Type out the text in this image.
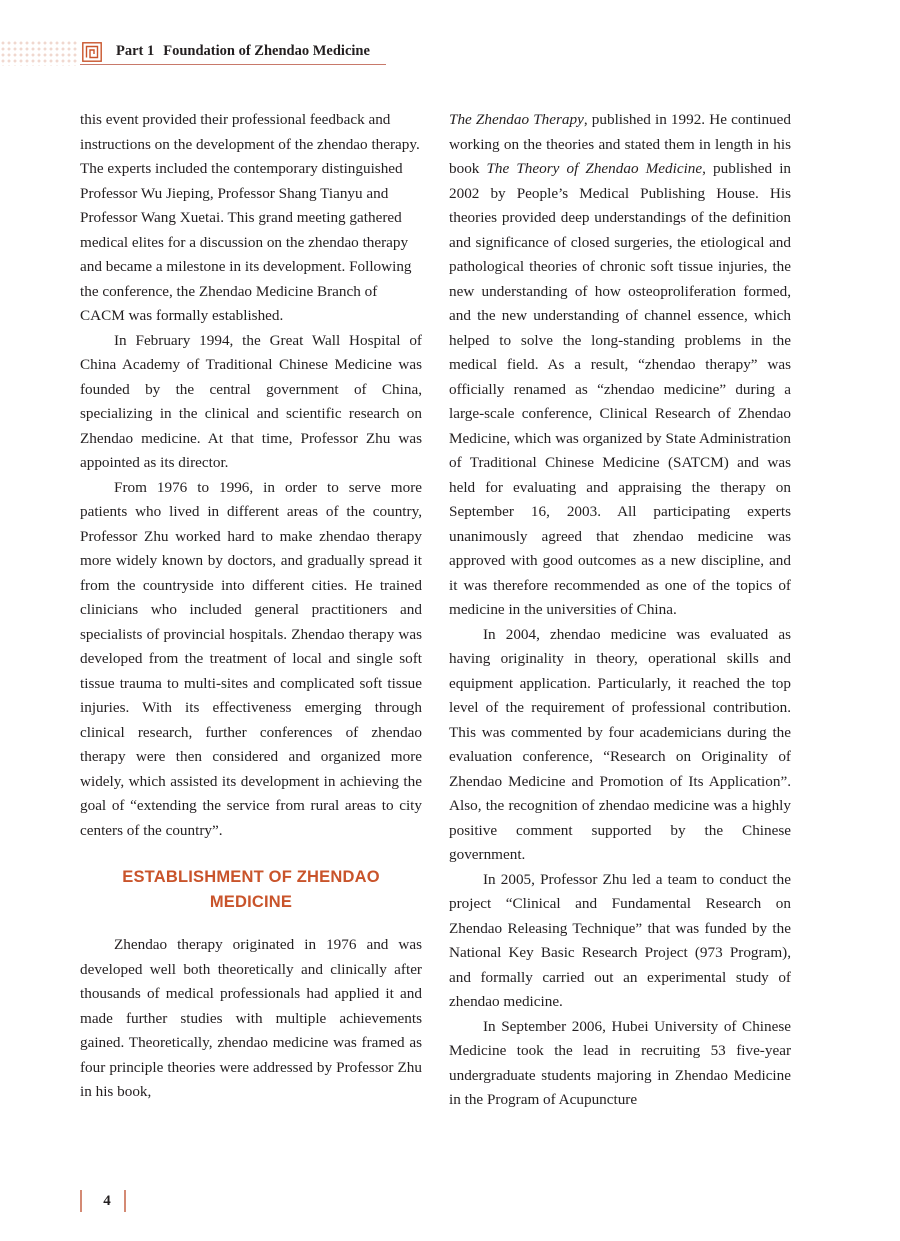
Part 1 Foundation of Zhendao Medicine

this event provided their professional feedback and instructions on the development of the zhendao therapy. The experts included the contemporary distinguished Professor Wu Jieping, Professor Shang Tianyu and Professor Wang Xuetai. This grand meeting gathered medical elites for a discussion on the zhendao therapy and became a milestone in its development. Following the conference, the Zhendao Medicine Branch of CACM was formally established.

In February 1994, the Great Wall Hospital of China Academy of Traditional Chinese Medicine was founded by the central government of China, specializing in the clinical and scientific research on Zhendao medicine. At that time, Professor Zhu was appointed as its director.

From 1976 to 1996, in order to serve more patients who lived in different areas of the country, Professor Zhu worked hard to make zhendao therapy more widely known by doctors, and gradually spread it from the countryside into different cities. He trained clinicians who included general practitioners and specialists of provincial hospitals. Zhendao therapy was developed from the treatment of local and single soft tissue trauma to multi-sites and complicated soft tissue injuries. With its effectiveness emerging through clinical research, further conferences of zhendao therapy were then considered and organized more widely, which assisted its development in achieving the goal of “extending the service from rural areas to city centers of the country”.

ESTABLISHMENT OF ZHENDAO
MEDICINE

Zhendao therapy originated in 1976 and was developed well both theoretically and clinically after thousands of medical professionals had applied it and made further studies with multiple achievements gained. Theoretically, zhendao medicine was framed as four principle theories were addressed by Professor Zhu in his book,

The Zhendao Therapy, published in 1992. He continued working on the theories and stated them in length in his book The Theory of Zhendao Medicine, published in 2002 by People’s Medical Publishing House. His theories provided deep understandings of the definition and significance of closed surgeries, the etiological and pathological theories of chronic soft tissue injuries, the new understanding of how osteoproliferation formed, and the new understanding of channel essence, which helped to solve the long-standing problems in the medical field. As a result, “zhendao therapy” was officially renamed as “zhendao medicine” during a large-scale conference, Clinical Research of Zhendao Medicine, which was organized by State Administration of Traditional Chinese Medicine (SATCM) and was held for evaluating and appraising the therapy on September 16, 2003. All participating experts unanimously agreed that zhendao medicine was approved with good outcomes as a new discipline, and it was therefore recommended as one of the topics of medicine in the universities of China.

In 2004, zhendao medicine was evaluated as having originality in theory, operational skills and equipment application. Particularly, it reached the top level of the requirement of professional contribution. This was commented by four academicians during the evaluation conference, “Research on Originality of Zhendao Medicine and Promotion of Its Application”. Also, the recognition of zhendao medicine was a highly positive comment supported by the Chinese government.

In 2005, Professor Zhu led a team to conduct the project “Clinical and Fundamental Research on Zhendao Releasing Technique” that was funded by the National Key Basic Research Project (973 Program), and formally carried out an experimental study of zhendao medicine.

In September 2006, Hubei University of Chinese Medicine took the lead in recruiting 53 five-year undergraduate students majoring in Zhendao Medicine in the Program of Acupuncture

4
